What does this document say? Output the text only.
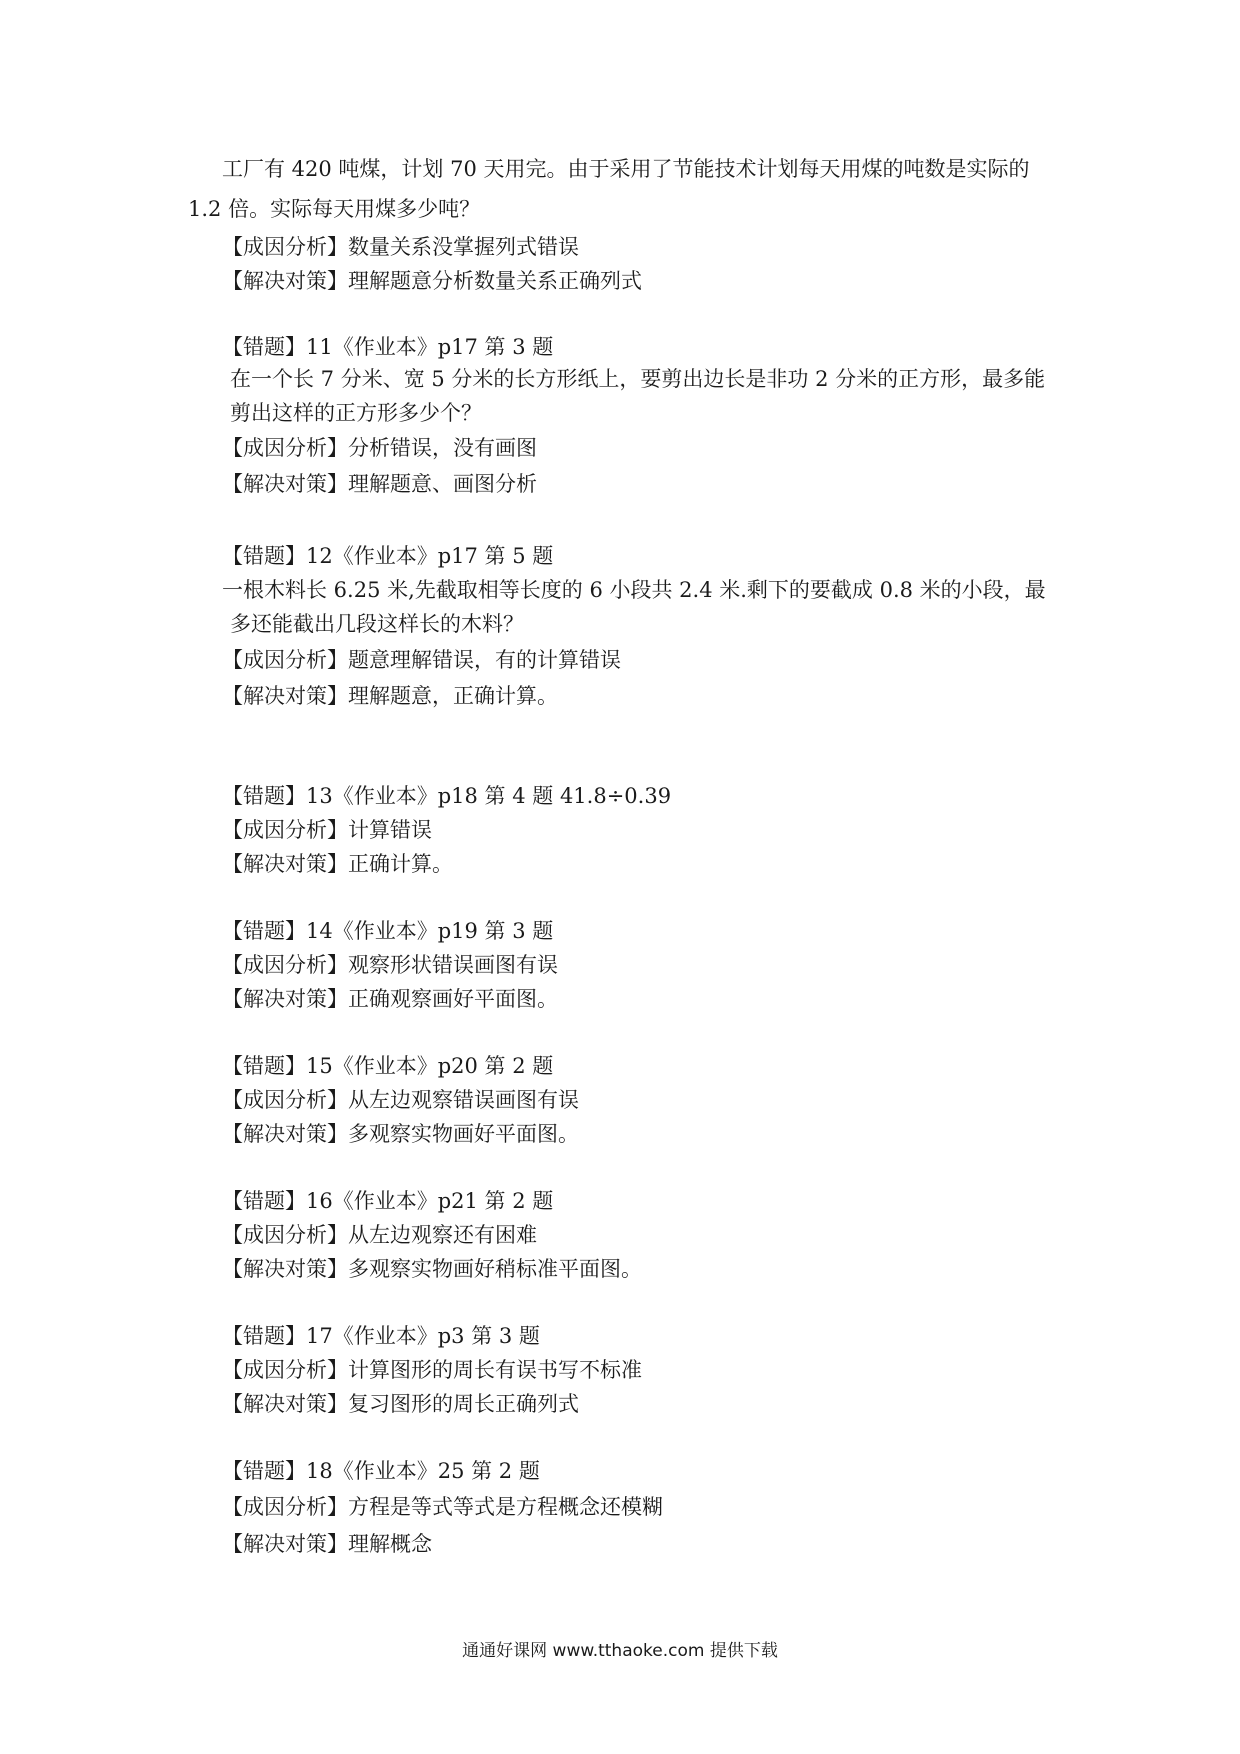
工厂有 420 吨煤，计划 70 天用完。由于采用了节能技术计划每天用煤的吨数是实际的
1.2 倍。实际每天用煤多少吨？
【成因分析】数量关系没掌握列式错误
【解决对策】理解题意分析数量关系正确列式
【错题】11《作业本》p17 第 3 题
在一个长 7 分米、宽 5 分米的长方形纸上，要剪出边长是非功 2 分米的正方形，最多能
剪出这样的正方形多少个？
【成因分析】分析错误，没有画图
【解决对策】理解题意、画图分析
【错题】12《作业本》p17 第 5 题
一根木料长 6.25 米,先截取相等长度的 6 小段共 2.4 米.剩下的要截成 0.8 米的小段，最
多还能截出几段这样长的木料？
【成因分析】题意理解错误，有的计算错误
【解决对策】理解题意，正确计算。
【错题】13《作业本》p18 第 4 题 41.8÷0.39
【成因分析】计算错误
【解决对策】正确计算。
【错题】14《作业本》p19 第 3 题
【成因分析】观察形状错误画图有误
【解决对策】正确观察画好平面图。
【错题】15《作业本》p20 第 2 题
【成因分析】从左边观察错误画图有误
【解决对策】多观察实物画好平面图。
【错题】16《作业本》p21 第 2 题
【成因分析】从左边观察还有困难
【解决对策】多观察实物画好稍标准平面图。
【错题】17《作业本》p3 第 3 题
【成因分析】计算图形的周长有误书写不标准
【解决对策】复习图形的周长正确列式
【错题】18《作业本》25 第 2 题
【成因分析】方程是等式等式是方程概念还模糊
【解决对策】理解概念
通通好课网 www.tthaoke.com 提供下载
